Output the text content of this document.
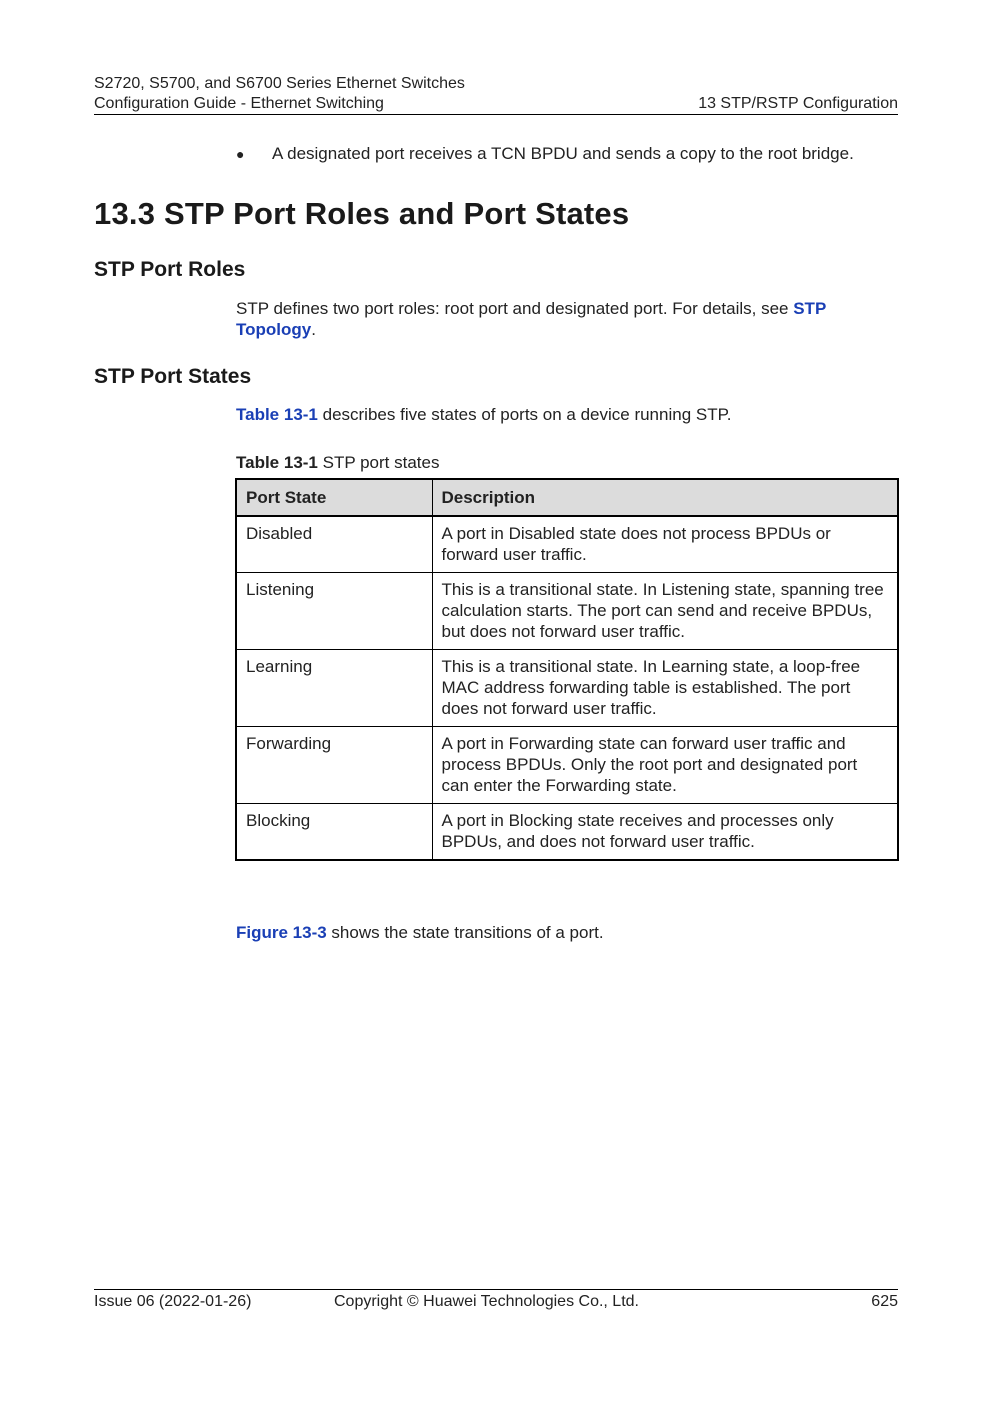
S2720, S5700, and S6700 Series Ethernet Switches
Configuration Guide - Ethernet Switching	13 STP/RSTP Configuration
● A designated port receives a TCN BPDU and sends a copy to the root bridge.
13.3 STP Port Roles and Port States
STP Port Roles
STP defines two port roles: root port and designated port. For details, see STP Topology.
STP Port States
Table 13-1 describes five states of ports on a device running STP.
Table 13-1 STP port states
Port State	Description
Disabled	A port in Disabled state does not process BPDUs or forward user traffic.
Listening	This is a transitional state. In Listening state, spanning tree calculation starts. The port can send and receive BPDUs, but does not forward user traffic.
Learning	This is a transitional state. In Learning state, a loop-free MAC address forwarding table is established. The port does not forward user traffic.
Forwarding	A port in Forwarding state can forward user traffic and process BPDUs. Only the root port and designated port can enter the Forwarding state.
Blocking	A port in Blocking state receives and processes only BPDUs, and does not forward user traffic.
Figure 13-3 shows the state transitions of a port.
Issue 06 (2022-01-26)	Copyright © Huawei Technologies Co., Ltd.	625
